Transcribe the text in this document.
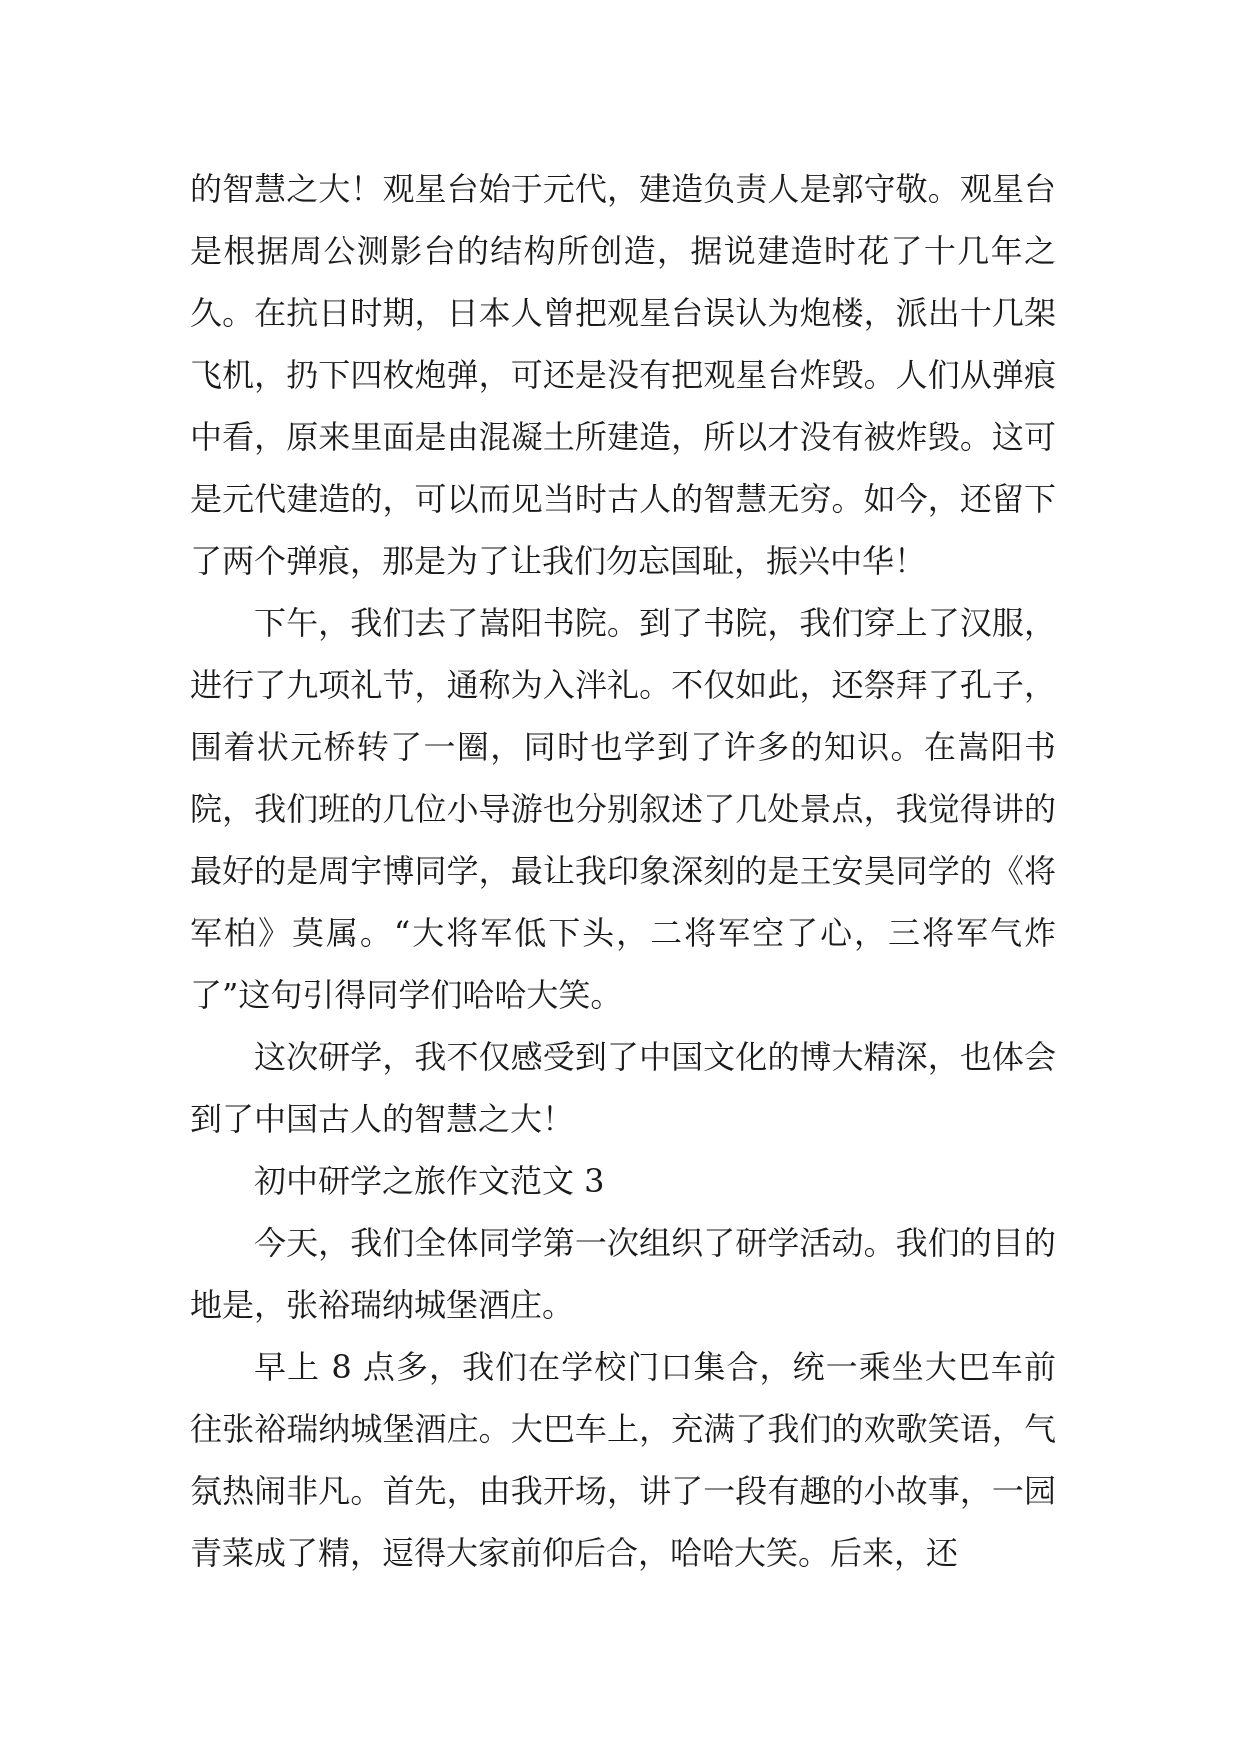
的智慧之大！观星台始于元代，建造负责人是郭守敬。观星台是根据周公测影台的结构所创造，据说建造时花了十几年之久。在抗日时期，日本人曾把观星台误认为炮楼，派出十几架飞机，扔下四枚炮弹，可还是没有把观星台炸毁。人们从弹痕中看，原来里面是由混凝土所建造，所以才没有被炸毁。这可是元代建造的，可以而见当时古人的智慧无穷。如今，还留下了两个弹痕，那是为了让我们勿忘国耻，振兴中华！

下午，我们去了嵩阳书院。到了书院，我们穿上了汉服，进行了九项礼节，通称为入泮礼。不仅如此，还祭拜了孔子，围着状元桥转了一圈，同时也学到了许多的知识。在嵩阳书院，我们班的几位小导游也分别叙述了几处景点，我觉得讲的最好的是周宇博同学，最让我印象深刻的是王安昊同学的《将军柏》莫属。“大将军低下头，二将军空了心，三将军气炸了”这句引得同学们哈哈大笑。

这次研学，我不仅感受到了中国文化的博大精深，也体会到了中国古人的智慧之大！

初中研学之旅作文范文 3

今天，我们全体同学第一次组织了研学活动。我们的目的地是，张裕瑞纳城堡酒庄。

早上 8 点多，我们在学校门口集合，统一乘坐大巴车前往张裕瑞纳城堡酒庄。大巴车上，充满了我们的欢歌笑语，气氛热闹非凡。首先，由我开场，讲了一段有趣的小故事，一园青菜成了精，逗得大家前仰后合，哈哈大笑。后来，还
